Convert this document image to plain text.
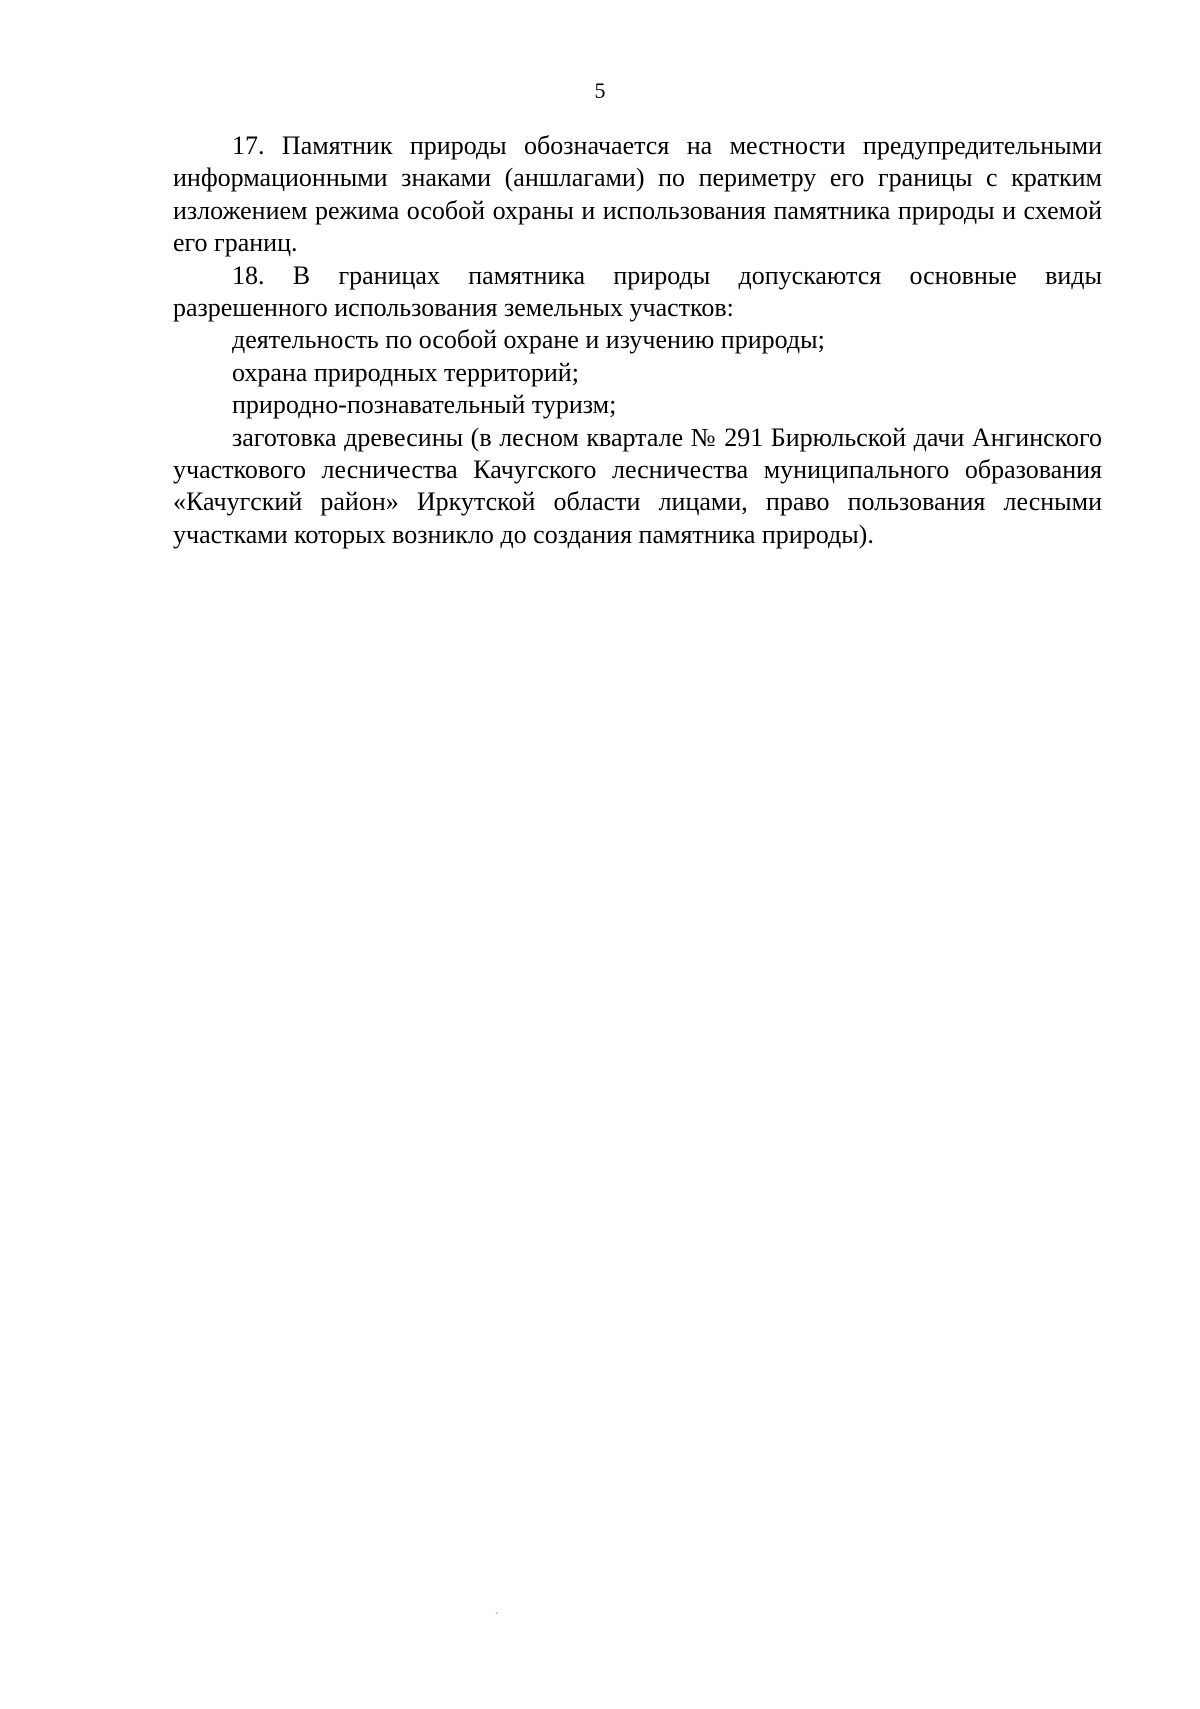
5

17. Памятник природы обозначается на местности предупредительными информационными знаками (аншлагами) по периметру его границы с кратким изложением режима особой охраны и использования памятника природы и схемой его границ.

18. В границах памятника природы допускаются основные виды разрешенного использования земельных участков:

деятельность по особой охране и изучению природы;

охрана природных территорий;

природно-познавательный туризм;

заготовка древесины (в лесном квартале № 291 Бирюльской дачи Ангинского участкового лесничества Качугского лесничества муниципального образования «Качугский район» Иркутской области лицами, право пользования лесными участками которых возникло до создания памятника природы).

`
